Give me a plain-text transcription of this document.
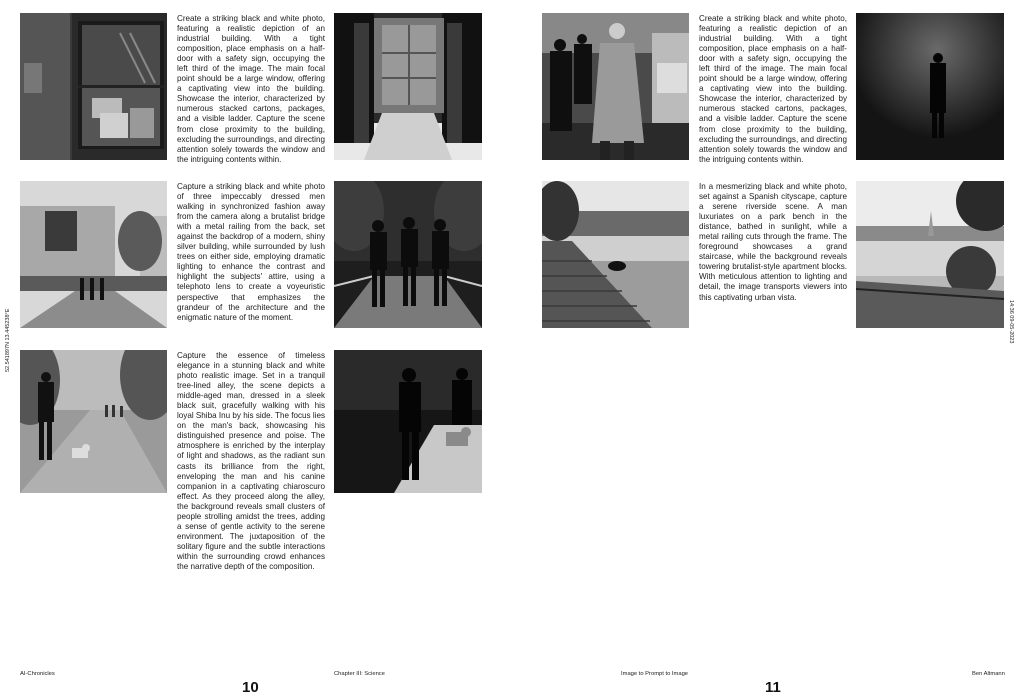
Create a striking black and white photo, featuring a realistic depiction of an industrial building. With a tight composition, place emphasis on a half-door with a safety sign, occupying the left third of the image. The main focal point should be a large window, offering a captivating view into the building. Showcase the interior, characterized by numerous stacked cartons, packages, and a visible ladder. Capture the scene from close proximity to the building, excluding the surroundings, and directing attention solely towards the window and the intriguing contents within.

Capture a striking black and white photo of three impeccably dressed men walking in synchronized fashion away from the camera along a brutalist bridge with a metal railing from the back, set against the backdrop of a modern, shiny silver building, while surrounded by lush trees on either side, employing dramatic lighting to enhance the contrast and highlight the subjects' attire, using a telephoto lens to create a voyeuristic perspective that emphasizes the grandeur of the architecture and the enigmatic nature of the moment.

Capture the essence of timeless elegance in a stunning black and white photo realistic image. Set in a tranquil tree-lined alley, the scene depicts a middle-aged man, dressed in a sleek black suit, gracefully walking with his loyal Shiba Inu by his side. The focus lies on the man's back, showcasing his distinguished presence and poise. The atmosphere is enriched by the interplay of light and shadows, as the radiant sun casts its brilliance from the right, enveloping the man and his canine companion in a captivating chiaroscuro effect. As they proceed along the alley, the background reveals small clusters of people strolling amidst the trees, adding a sense of gentle activity to the serene environment. The juxtaposition of the solitary figure and the subtle interactions within the surrounding crowd enhances the narrative depth of the composition.

52.541897N 13.445238°E
AI-Chronicles	Chapter III: Science
10

Create a striking black and white photo, featuring a realistic depiction of an industrial building. With a tight composition, place emphasis on a half-door with a safety sign, occupying the left third of the image. The main focal point should be a large window, offering a captivating view into the building. Showcase the interior, characterized by numerous stacked cartons, packages, and a visible ladder. Capture the scene from close proximity to the building, excluding the surroundings, and directing attention solely towards the window and the intriguing contents within.

In a mesmerizing black and white photo, set against a Spanish cityscape, capture a serene riverside scene. A man luxuriates on a park bench in the distance, bathed in sunlight, while a metal railing cuts through the frame. The foreground showcases a grand staircase, while the background reveals towering brutalist-style apartment blocks. With meticulous attention to lighting and detail, the image transports viewers into this captivating urban vista.

14:36 09-05-2023
Image to Prompt to Image	Ben Altmann
11
